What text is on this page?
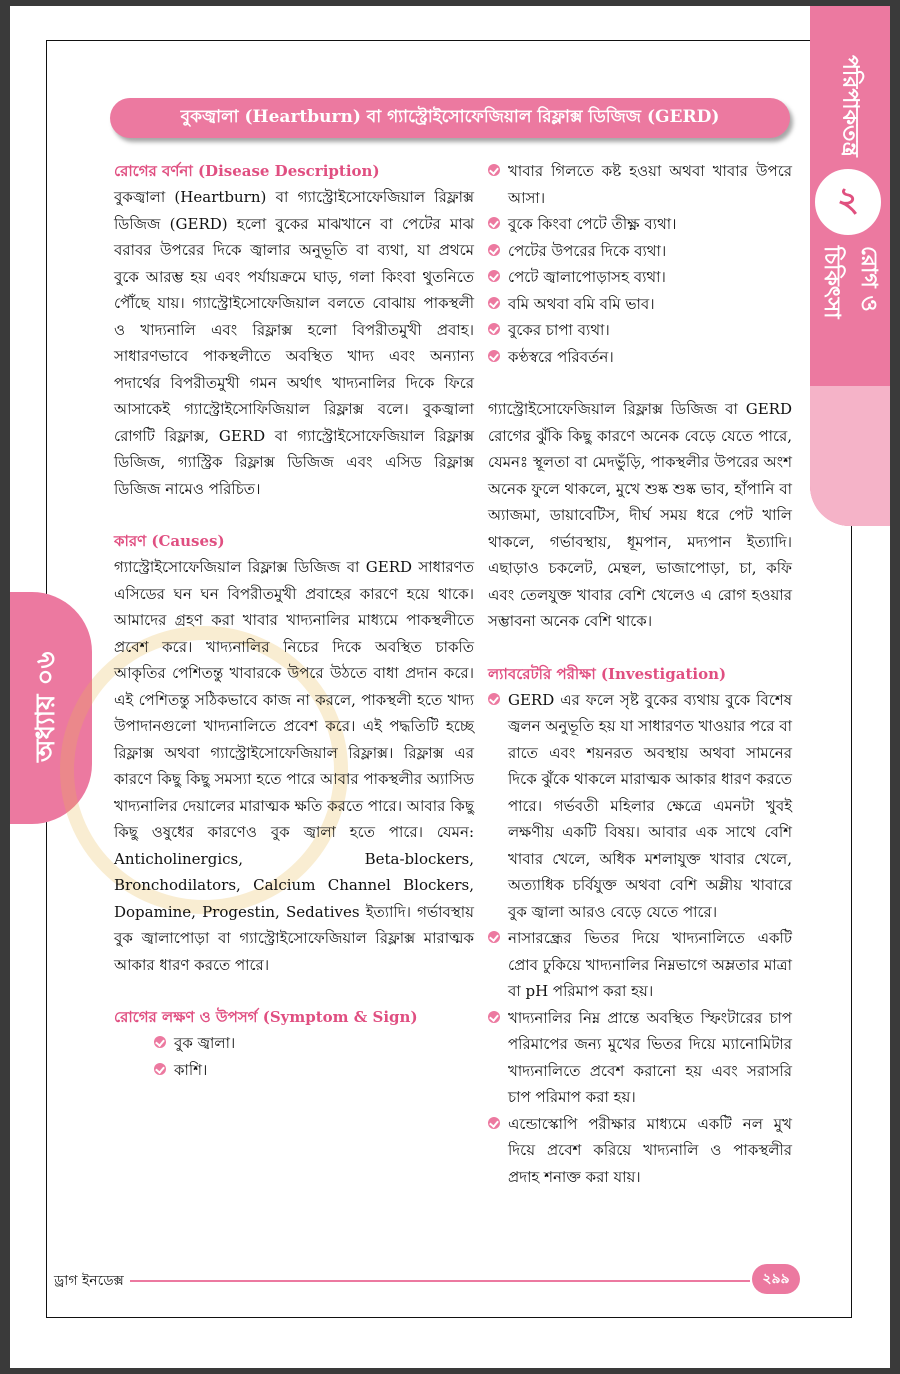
পরিপাকতন্ত্র
২
রোগ ও চিকিৎসা
অধ্যায় ০৬
বুকজ্বালা (Heartburn) বা গ্যাস্ট্রোইসোফেজিয়াল রিফ্লাক্স ডিজিজ (GERD)

রোগের বর্ণনা (Disease Description)

বুকজ্বালা (Heartburn) বা গ্যাস্ট্রোইসোফেজিয়াল রিফ্লাক্স ডিজিজ (GERD) হলো বুকের মাঝখানে বা পেটের মাঝ বরাবর উপরের দিকে জ্বালার অনুভূতি বা ব্যথা, যা প্রথমে বুকে আরম্ভ হয় এবং পর্যায়ক্রমে ঘাড়, গলা কিংবা থুতনিতে পৌঁছে যায়। গ্যাস্ট্রোইসোফেজিয়াল বলতে বোঝায় পাকস্থলী ও খাদ্যনালি এবং রিফ্লাক্স হলো বিপরীতমুখী প্রবাহ। সাধারণভাবে পাকস্থলীতে অবস্থিত খাদ্য এবং অন্যান্য পদার্থের বিপরীতমুখী গমন অর্থাৎ খাদ্যনালির দিকে ফিরে আসাকেই গ্যাস্ট্রোইসোফিজিয়াল রিফ্লাক্স বলে। বুকজ্বালা রোগটি রিফ্লাক্স, GERD বা গ্যাস্ট্রোইসোফেজিয়াল রিফ্লাক্স ডিজিজ, গ্যাস্ট্রিক রিফ্লাক্স ডিজিজ এবং এসিড রিফ্লাক্স ডিজিজ নামেও পরিচিত।

কারণ (Causes)

গ্যাস্ট্রোইসোফেজিয়াল রিফ্লাক্স ডিজিজ বা GERD সাধারণত এসিডের ঘন ঘন বিপরীতমুখী প্রবাহের কারণে হয়ে থাকে। আমাদের গ্রহণ করা খাবার খাদ্যনালির মাধ্যমে পাকস্থলীতে প্রবেশ করে। খাদ্যনালির নিচের দিকে অবস্থিত চাকতি আকৃতির পেশিতন্তু খাবারকে উপরে উঠতে বাধা প্রদান করে। এই পেশিতন্তু সঠিকভাবে কাজ না করলে, পাকস্থলী হতে খাদ্য উপাদানগুলো খাদ্যনালিতে প্রবেশ করে। এই পদ্ধতিটি হচ্ছে রিফ্লাক্স অথবা গ্যাস্ট্রোইসোফেজিয়াল রিফ্লাক্স। রিফ্লাক্স এর কারণে কিছু কিছু সমস্যা হতে পারে আবার পাকস্থলীর অ্যাসিড খাদ্যনালির দেয়ালের মারাত্মক ক্ষতি করতে পারে। আবার কিছু কিছু ওষুধের কারণেও বুক জ্বালা হতে পারে। যেমন: Anticholinergics, Beta-blockers, Bronchodilators, Calcium Channel Blockers, Dopamine, Progestin, Sedatives ইত্যাদি। গর্ভাবস্থায় বুক জ্বালাপোড়া বা গ্যাস্ট্রোইসোফেজিয়াল রিফ্লাক্স মারাত্মক আকার ধারণ করতে পারে।

রোগের লক্ষণ ও উপসর্গ (Symptom & Sign)

বুক জ্বালা।
কাশি।
খাবার গিলতে কষ্ট হওয়া অথবা খাবার উপরে আসা।
বুকে কিংবা পেটে তীক্ষ্ণ ব্যথা।
পেটের উপরের দিকে ব্যথা।
পেটে জ্বালাপোড়াসহ ব্যথা।
বমি অথবা বমি বমি ভাব।
বুকের চাপা ব্যথা।
কণ্ঠস্বরে পরিবর্তন।

গ্যাস্ট্রোইসোফেজিয়াল রিফ্লাক্স ডিজিজ বা GERD রোগের ঝুঁকি কিছু কারণে অনেক বেড়ে যেতে পারে, যেমনঃ স্থূলতা বা মেদভুঁড়ি, পাকস্থলীর উপরের অংশ অনেক ফুলে থাকলে, মুখে শুষ্ক শুষ্ক ভাব, হাঁপানি বা অ্যাজমা, ডায়াবেটিস, দীর্ঘ সময় ধরে পেট খালি থাকলে, গর্ভাবস্থায়, ধূমপান, মদ্যপান ইত্যাদি। এছাড়াও চকলেট, মেন্থল, ভাজাপোড়া, চা, কফি এবং তেলযুক্ত খাবার বেশি খেলেও এ রোগ হওয়ার সম্ভাবনা অনেক বেশি থাকে।

ল্যাবরেটরি পরীক্ষা (Investigation)

GERD এর ফলে সৃষ্ট বুকের ব্যথায় বুকে বিশেষ জ্বলন অনুভূতি হয় যা সাধারণত খাওয়ার পরে বা রাতে এবং শয়নরত অবস্থায় অথবা সামনের দিকে ঝুঁকে থাকলে মারাত্মক আকার ধারণ করতে পারে। গর্ভবতী মহিলার ক্ষেত্রে এমনটা খুবই লক্ষণীয় একটি বিষয়। আবার এক সাথে বেশি খাবার খেলে, অধিক মশলাযুক্ত খাবার খেলে, অত্যাধিক চর্বিযুক্ত অথবা বেশি অম্লীয় খাবারে বুক জ্বালা আরও বেড়ে যেতে পারে।
নাসারন্ধ্রের ভিতর দিয়ে খাদ্যনালিতে একটি প্রোব ঢুকিয়ে খাদ্যনালির নিম্নভাগে অম্লতার মাত্রা বা pH পরিমাপ করা হয়।
খাদ্যনালির নিম্ন প্রান্তে অবস্থিত স্ফিংটারের চাপ পরিমাপের জন্য মুখের ভিতর দিয়ে ম্যানোমিটার খাদ্যনালিতে প্রবেশ করানো হয় এবং সরাসরি চাপ পরিমাপ করা হয়।
এন্ডোস্কোপি পরীক্ষার মাধ্যমে একটি নল মুখ দিয়ে প্রবেশ করিয়ে খাদ্যনালি ও পাকস্থলীর প্রদাহ শনাক্ত করা যায়।
ড্রাগ ইনডেক্স	২৯৯
